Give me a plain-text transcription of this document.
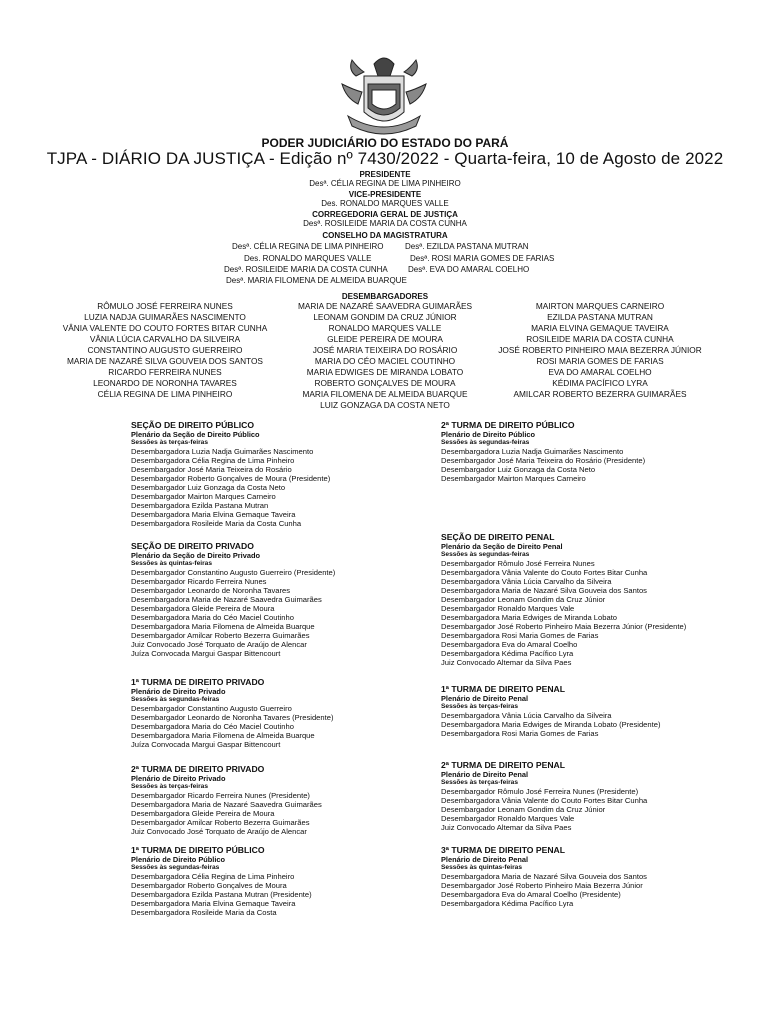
PODER JUDICIÁRIO DO ESTADO DO PARÁ
TJPA - DIÁRIO DA JUSTIÇA - Edição nº 7430/2022 - Quarta-feira, 10 de Agosto de 2022
PRESIDENTE
Desª. CÉLIA REGINA DE LIMA PINHEIRO
VICE-PRESIDENTE
Des. RONALDO MARQUES VALLE
CORREGEDORIA GERAL DE JUSTIÇA
Desª. ROSILEIDE MARIA DA COSTA CUNHA
CONSELHO DA MAGISTRATURA
Desª. CÉLIA REGINA DE LIMA PINHEIRO
Des. RONALDO MARQUES VALLE
Desª. ROSILEIDE MARIA DA COSTA CUNHA
Desª. EZILDA PASTANA MUTRAN
Desª. ROSI MARIA GOMES DE FARIAS
Desª. EVA DO AMARAL COELHO
Desª. MARIA FILOMENA DE ALMEIDA BUARQUE
DESEMBARGADORES
RÔMULO JOSÉ FERREIRA NUNES
LUZIA NADJA GUIMARÃES NASCIMENTO
VÂNIA VALENTE DO COUTO FORTES BITAR CUNHA
VÂNIA LÚCIA CARVALHO DA SILVEIRA
CONSTANTINO AUGUSTO GUERREIRO
MARIA DE NAZARÉ SILVA GOUVEIA DOS SANTOS
RICARDO FERREIRA NUNES
LEONARDO DE NORONHA TAVARES
CÉLIA REGINA DE LIMA PINHEIRO
MARIA DE NAZARÉ SAAVEDRA GUIMARÃES
LEONAM GONDIM DA CRUZ JÚNIOR
RONALDO MARQUES VALLE
GLEIDE PEREIRA DE MOURA
JOSÉ MARIA TEIXEIRA DO ROSÁRIO
MARIA DO CÉO MACIEL COUTINHO
MARIA EDWIGES DE MIRANDA LOBATO
ROBERTO GONÇALVES DE MOURA
MARIA FILOMENA DE ALMEIDA BUARQUE
LUIZ GONZAGA DA COSTA NETO
MAIRTON MARQUES CARNEIRO
EZILDA PASTANA MUTRAN
MARIA ELVINA GEMAQUE TAVEIRA
ROSILEIDE MARIA DA COSTA CUNHA
JOSÉ ROBERTO PINHEIRO MAIA BEZERRA JÚNIOR
ROSI MARIA GOMES DE FARIAS
EVA DO AMARAL COELHO
KÉDIMA PACÍFICO LYRA
AMILCAR ROBERTO BEZERRA GUIMARÃES
SEÇÃO DE DIREITO PÚBLICO
Plenário da Seção de Direito Público
Sessões às terças-feiras
Desembargadora Luzia Nadja Guimarães Nascimento
Desembargadora Célia Regina de Lima Pinheiro
Desembargador José Maria Teixeira do Rosário
Desembargador Roberto Gonçalves de Moura (Presidente)
Desembargador Luiz Gonzaga da Costa Neto
Desembargador Mairton Marques Carneiro
Desembargadora Ezilda Pastana Mutran
Desembargadora Maria Elvina Gemaque Taveira
Desembargadora Rosileide Maria da Costa Cunha
SEÇÃO DE DIREITO PRIVADO
Plenário da Seção de Direito Privado
Sessões às quintas-feiras
Desembargador Constantino Augusto Guerreiro (Presidente)
Desembargador Ricardo Ferreira Nunes
Desembargador Leonardo de Noronha Tavares
Desembargadora Maria de Nazaré Saavedra Guimarães
Desembargadora Gleide Pereira de Moura
Desembargadora Maria do Céo Maciel Coutinho
Desembargadora Maria Filomena de Almeida Buarque
Desembargador Amilcar Roberto Bezerra Guimarães
Juiz Convocado José Torquato de Araújo de Alencar
Juíza Convocada Margui Gaspar Bittencourt
1ª TURMA DE DIREITO PRIVADO
Plenário de Direito Privado
Sessões às segundas-feiras
Desembargador Constantino Augusto Guerreiro
Desembargador Leonardo de Noronha Tavares (Presidente)
Desembargadora Maria do Céo Maciel Coutinho
Desembargadora Maria Filomena de Almeida Buarque
Juíza Convocada Margui Gaspar Bittencourt
2ª TURMA DE DIREITO PRIVADO
Plenário de Direito Privado
Sessões às terças-feiras
Desembargador Ricardo Ferreira Nunes (Presidente)
Desembargadora Maria de Nazaré Saavedra Guimarães
Desembargadora Gleide Pereira de Moura
Desembargador Amilcar Roberto Bezerra Guimarães
Juiz Convocado José Torquato de Araújo de Alencar
1ª TURMA DE DIREITO PÚBLICO
Plenário de Direito Público
Sessões às segundas-feiras
Desembargadora Célia Regina de Lima Pinheiro
Desembargador Roberto Gonçalves de Moura
Desembargadora Ezilda Pastana Mutran (Presidente)
Desembargadora Maria Elvina Gemaque Taveira
Desembargadora Rosileide Maria da Costa
2ª TURMA DE DIREITO PÚBLICO
Plenário de Direito Público
Sessões às segundas-feiras
Desembargadora Luzia Nadja Guimarães Nascimento
Desembargador José Maria Teixeira do Rosário (Presidente)
Desembargador Luiz Gonzaga da Costa Neto
Desembargador Mairton Marques Carneiro
SEÇÃO DE DIREITO PENAL
Plenário da Seção de Direito Penal
Sessões às segundas-feiras
Desembargador Rômulo José Ferreira Nunes
Desembargadora Vânia Valente do Couto Fortes Bitar Cunha
Desembargadora Vânia Lúcia Carvalho da Silveira
Desembargadora Maria de Nazaré Silva Gouveia dos Santos
Desembargador Leonam Gondim da Cruz Júnior
Desembargador Ronaldo Marques Vale
Desembargadora Maria Edwiges de Miranda Lobato
Desembargador José Roberto Pinheiro Maia Bezerra Júnior (Presidente)
Desembargadora Rosi Maria Gomes de Farias
Desembargadora Eva do Amaral Coelho
Desembargadora Kédima Pacífico Lyra
Juiz Convocado Altemar da Silva Paes
1ª TURMA DE DIREITO PENAL
Plenário de Direito Penal
Sessões às terças-feiras
Desembargadora Vânia Lúcia Carvalho da Silveira
Desembargadora Maria Edwiges de Miranda Lobato (Presidente)
Desembargadora Rosi Maria Gomes de Farias
2ª TURMA DE DIREITO PENAL
Plenário de Direito Penal
Sessões às terças-feiras
Desembargador Rômulo José Ferreira Nunes (Presidente)
Desembargadora Vânia Valente do Couto Fortes Bitar Cunha
Desembargador Leonam Gondim da Cruz Júnior
Desembargador Ronaldo Marques Vale
Juiz Convocado Altemar da Silva Paes
3ª TURMA DE DIREITO PENAL
Plenário de Direito Penal
Sessões às quintas-feiras
Desembargadora Maria de Nazaré Silva Gouveia dos Santos
Desembargador José Roberto Pinheiro Maia Bezerra Júnior
Desembargadora Eva do Amaral Coelho (Presidente)
Desembargadora Kédima Pacífico Lyra
